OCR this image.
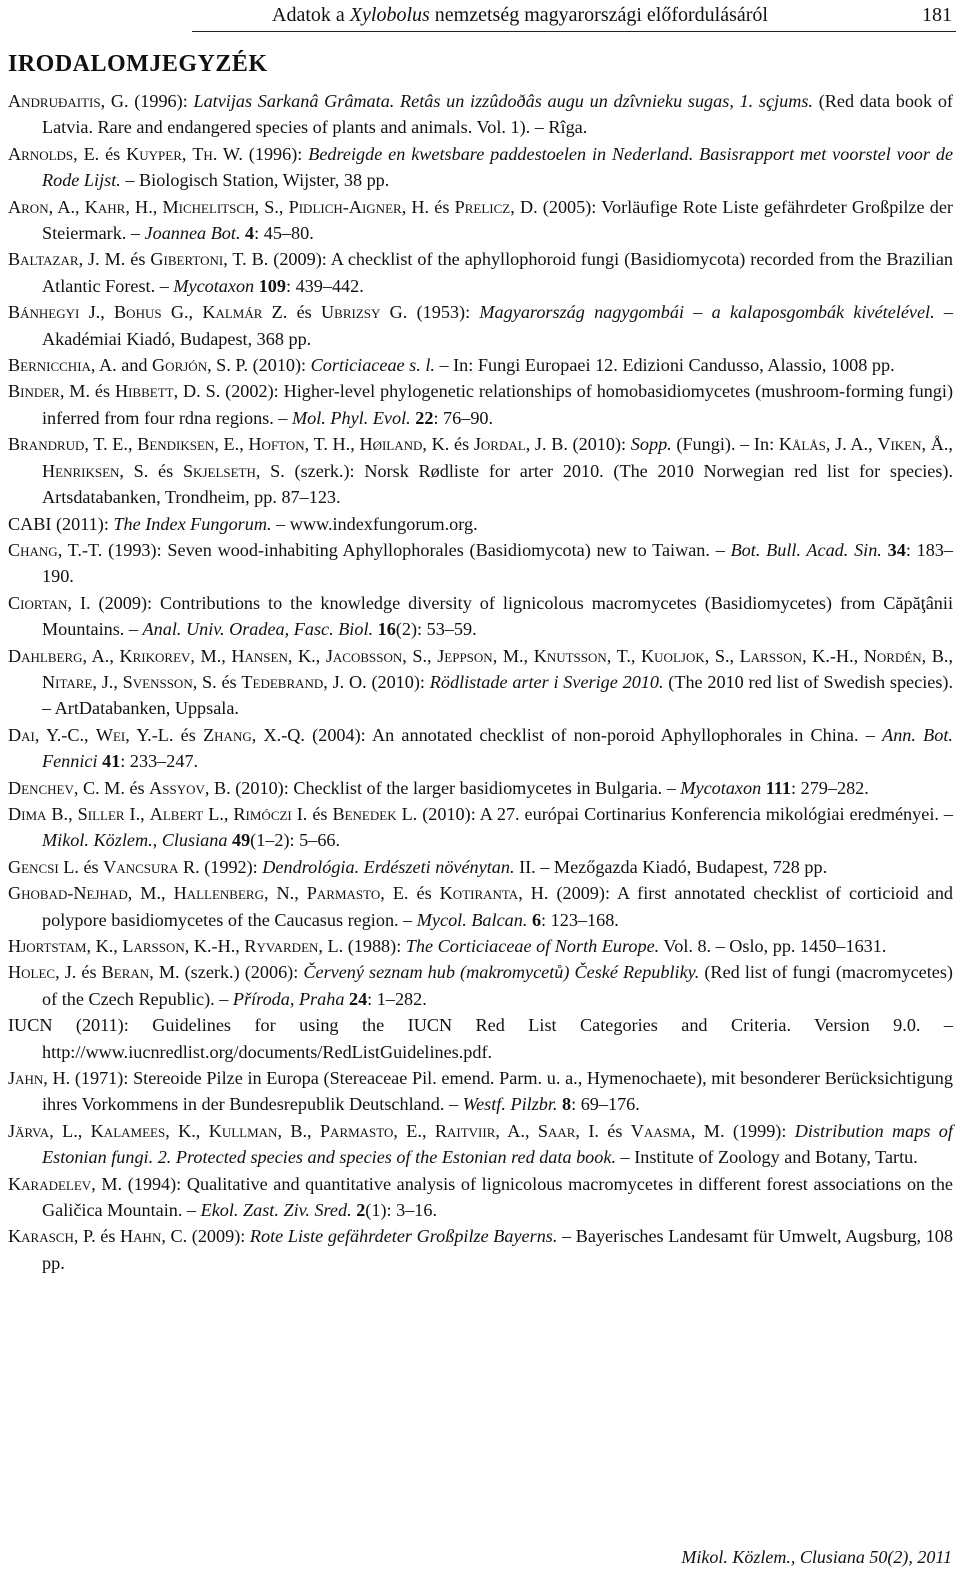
Adatok a Xylobolus nemzetség magyarországi előfordulásáról	181
IRODALOMJEGYZÉK

Andruđaitis, G. (1996): Latvijas Sarkanâ Grâmata. Retâs un izzûdoðâs augu un dzîvnieku sugas, 1. sçjums. (Red data book of Latvia. Rare and endangered species of plants and animals. Vol. 1). – Rîga.

Arnolds, E. és Kuyper, Th. W. (1996): Bedreigde en kwetsbare paddestoelen in Nederland. Basisrapport met voorstel voor de Rode Lijst. – Biologisch Station, Wijster, 38 pp.

Aron, A., Kahr, H., Michelitsch, S., Pidlich-Aigner, H. és Prelicz, D. (2005): Vorläufige Rote Liste gefährdeter Großpilze der Steiermark. – Joannea Bot. 4: 45–80.

Baltazar, J. M. és Gibertoni, T. B. (2009): A checklist of the aphyllophoroid fungi (Basidiomycota) recorded from the Brazilian Atlantic Forest. – Mycotaxon 109: 439–442.

Bánhegyi J., Bohus G., Kalmár Z. és Ubrizsy G. (1953): Magyarország nagygombái – a kalaposgombák kivételével. – Akadémiai Kiadó, Budapest, 368 pp.

Bernicchia, A. and Gorjón, S. P. (2010): Corticiaceae s. l. – In: Fungi Europaei 12. Edizioni Candusso, Alassio, 1008 pp.

Binder, M. és Hibbett, D. S. (2002): Higher-level phylogenetic relationships of homobasidiomycetes (mushroom-forming fungi) inferred from four rdna regions. – Mol. Phyl. Evol. 22: 76–90.

Brandrud, T. E., Bendiksen, E., Hofton, T. H., Høiland, K. és Jordal, J. B. (2010): Sopp. (Fungi). – In: Kålås, J. A., Viken, Å., Henriksen, S. és Skjelseth, S. (szerk.): Norsk Rødliste for arter 2010. (The 2010 Norwegian red list for species). Artsdatabanken, Trondheim, pp. 87–123.

CABI (2011): The Index Fungorum. – www.indexfungorum.org.

Chang, T.-T. (1993): Seven wood-inhabiting Aphyllophorales (Basidiomycota) new to Taiwan. – Bot. Bull. Acad. Sin. 34: 183–190.

Ciortan, I. (2009): Contributions to the knowledge diversity of lignicolous macromycetes (Basidiomycetes) from Căpăţânii Mountains. – Anal. Univ. Oradea, Fasc. Biol. 16(2): 53–59.

Dahlberg, A., Krikorev, M., Hansen, K., Jacobsson, S., Jeppson, M., Knutsson, T., Kuoljok, S., Larsson, K.-H., Nordén, B., Nitare, J., Svensson, S. és Tedebrand, J. O. (2010): Rödlistade arter i Sverige 2010. (The 2010 red list of Swedish species). – ArtDatabanken, Uppsala.

Dai, Y.-C., Wei, Y.-L. és Zhang, X.-Q. (2004): An annotated checklist of non-poroid Aphyllophorales in China. – Ann. Bot. Fennici 41: 233–247.

Denchev, C. M. és Assyov, B. (2010): Checklist of the larger basidiomycetes in Bulgaria. – Mycotaxon 111: 279–282.

Dima B., Siller I., Albert L., Rimóczi I. és Benedek L. (2010): A 27. európai Cortinarius Konferencia mikológiai eredményei. – Mikol. Közlem., Clusiana 49(1–2): 5–66.

Gencsi L. és Vancsura R. (1992): Dendrológia. Erdészeti növénytan. II. – Mezőgazda Kiadó, Budapest, 728 pp.

Ghobad-Nejhad, M., Hallenberg, N., Parmasto, E. és Kotiranta, H. (2009): A first annotated checklist of corticioid and polypore basidiomycetes of the Caucasus region. – Mycol. Balcan. 6: 123–168.

Hjortstam, K., Larsson, K.-H., Ryvarden, L. (1988): The Corticiaceae of North Europe. Vol. 8. – Oslo, pp. 1450–1631.

Holec, J. és Beran, M. (szerk.) (2006): Červený seznam hub (makromycetů) České Republiky. (Red list of fungi (macromycetes) of the Czech Republic). – Příroda, Praha 24: 1–282.

IUCN (2011): Guidelines for using the IUCN Red List Categories and Criteria. Version 9.0. – http://www.iucnredlist.org/documents/RedListGuidelines.pdf.

Jahn, H. (1971): Stereoide Pilze in Europa (Stereaceae Pil. emend. Parm. u. a., Hymenochaete), mit besonderer Berücksichtigung ihres Vorkommens in der Bundesrepublik Deutschland. – Westf. Pilzbr. 8: 69–176.

Järva, L., Kalamees, K., Kullman, B., Parmasto, E., Raitviir, A., Saar, I. és Vaasma, M. (1999): Distribution maps of Estonian fungi. 2. Protected species and species of the Estonian red data book. – Institute of Zoology and Botany, Tartu.

Karadelev, M. (1994): Qualitative and quantitative analysis of lignicolous macromycetes in different forest associations on the Galičica Mountain. – Ekol. Zast. Ziv. Sred. 2(1): 3–16.

Karasch, P. és Hahn, C. (2009): Rote Liste gefährdeter Großpilze Bayerns. – Bayerisches Landesamt für Umwelt, Augsburg, 108 pp.

Mikol. Közlem., Clusiana 50(2), 2011
